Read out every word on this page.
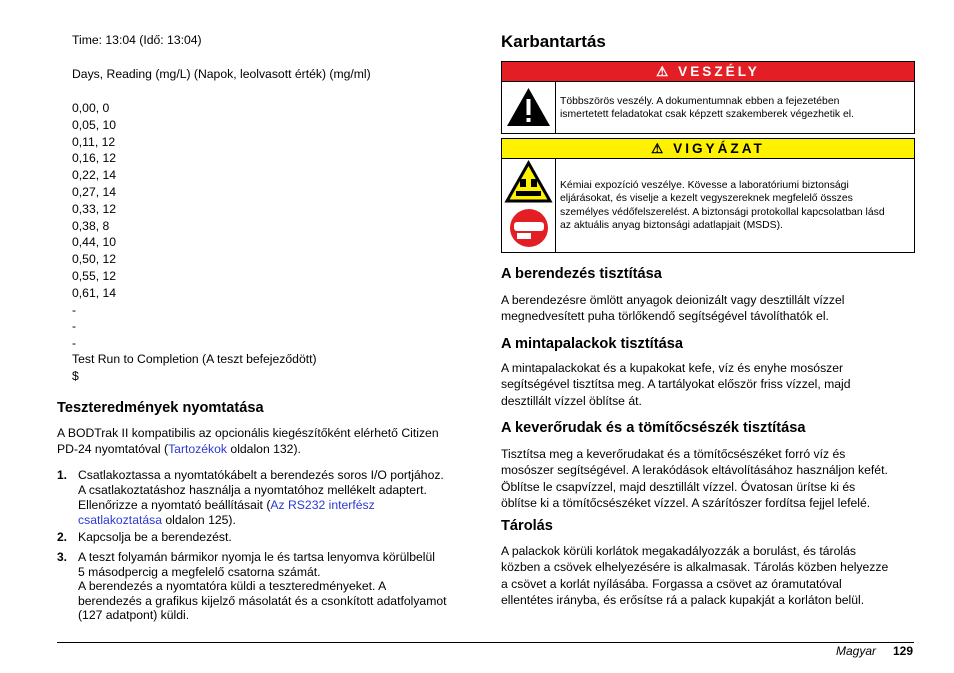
Time: 13:04 (Idő: 13:04)
Days, Reading (mg/L) (Napok, leolvasott érték) (mg/ml)
0,00, 0
0,05, 10
0,11, 12
0,16, 12
0,22, 14
0,27, 14
0,33, 12
0,38, 8
0,44, 10
0,50, 12
0,55, 12
0,61, 14
-
-
-
Test Run to Completion (A teszt befejeződött)
$
Teszteredmények nyomtatása
A BODTrak II kompatibilis az opcionális kiegészítőként elérhető Citizen
PD-24 nyomtatóval (Tartozékok oldalon 132).
1. Csatlakoztassa a nyomtatókábelt a berendezés soros I/O portjához.
A csatlakoztatáshoz használja a nyomtatóhoz mellékelt adaptert.
Ellenőrizze a nyomtató beállításait (Az RS232 interfész
csatlakoztatása oldalon 125).
2. Kapcsolja be a berendezést.
3. A teszt folyamán bármikor nyomja le és tartsa lenyomva körülbelül
5 másodpercig a megfelelő csatorna számát.
A berendezés a nyomtatóra küldi a teszteredményeket. A
berendezés a grafikus kijelző másolatát és a csonkított adatfolyamot
(127 adatpont) küldi.
Karbantartás
⚠ VESZÉLY
Többszörös veszély. A dokumentumnak ebben a fejezetében
ismertetett feladatokat csak képzett szakemberek végezhetik el.
⚠ VIGYÁZAT
Kémiai expozíció veszélye. Kövesse a laboratóriumi biztonsági
eljárásokat, és viselje a kezelt vegyszereknek megfelelő összes
személyes védőfelszerelést. A biztonsági protokollal kapcsolatban lásd
az aktuális anyag biztonsági adatlapjait (MSDS).
A berendezés tisztítása
A berendezésre ömlött anyagok deionizált vagy desztillált vízzel
megnedvesített puha törlőkendő segítségével távolíthatók el.
A mintapalackok tisztítása
A mintapalackokat és a kupakokat kefe, víz és enyhe mosószer
segítségével tisztítsa meg. A tartályokat először friss vízzel, majd
desztillált vízzel öblítse át.
A keverőrudak és a tömítőcsészék tisztítása
Tisztítsa meg a keverőrudakat és a tömítőcsészéket forró víz és
mosószer segítségével. A lerakódások eltávolításához használjon kefét.
Öblítse le csapvízzel, majd desztillált vízzel. Óvatosan ürítse ki és
öblítse ki a tömítőcsészéket vízzel. A szárítószer fordítsa fejjel lefelé.
Tárolás
A palackok körüli korlátok megakadályozzák a borulást, és tárolás
közben a csövek elhelyezésére is alkalmasak. Tárolás közben helyezze
a csövet a korlát nyílásába. Forgassa a csövet az óramutatóval
ellentétes irányba, és erősítse rá a palack kupakját a korláton belül.
Magyar 129
